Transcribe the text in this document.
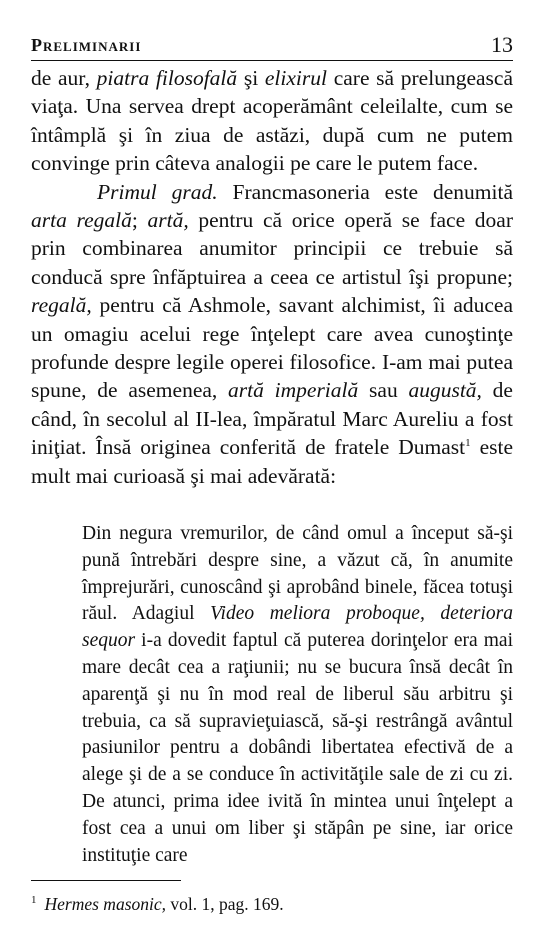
Preliminarii	13

de aur, piatra filosofală şi elixirul care să prelungească viaţa. Una servea drept acoperământ celeilalte, cum se întâmplă şi în ziua de astăzi, după cum ne putem convinge prin câteva analogii pe care le putem face.

Primul grad. Francmasoneria este denumită arta regală; artă, pentru că orice operă se face doar prin combinarea anumitor principii ce trebuie să conducă spre înfăptuirea a ceea ce artistul îşi propune; regală, pentru că Ashmole, savant alchimist, îi aducea un omagiu acelui rege înţelept care avea cunoştinţe profunde despre legile operei filosofice. I-am mai putea spune, de asemenea, artă imperială sau augustă, de când, în secolul al II-lea, împăratul Marc Aureliu a fost iniţiat. Însă originea conferită de fratele Dumast$^1$ este mult mai curioasă şi mai adevărată:

Din negura vremurilor, de când omul a început să-şi pună întrebări despre sine, a văzut că, în anumite împrejurări, cunoscând şi aprobând binele, făcea totuşi răul. Adagiul Video meliora proboque, deteriora sequor i-a dovedit faptul că puterea dorinţelor era mai mare decât cea a raţiunii; nu se bucura însă decât în aparenţă şi nu în mod real de liberul său arbitru şi trebuia, ca să supravieţuiască, să-şi restrângă avântul pasiunilor pentru a dobândi libertatea efectivă de a alege şi de a se conduce în activităţile sale de zi cu zi. De atunci, prima idee ivită în mintea unui înţelept a fost cea a unui om liber şi stăpân pe sine, iar orice instituţie care

$^1$ Hermes masonic, vol. 1, pag. 169.
